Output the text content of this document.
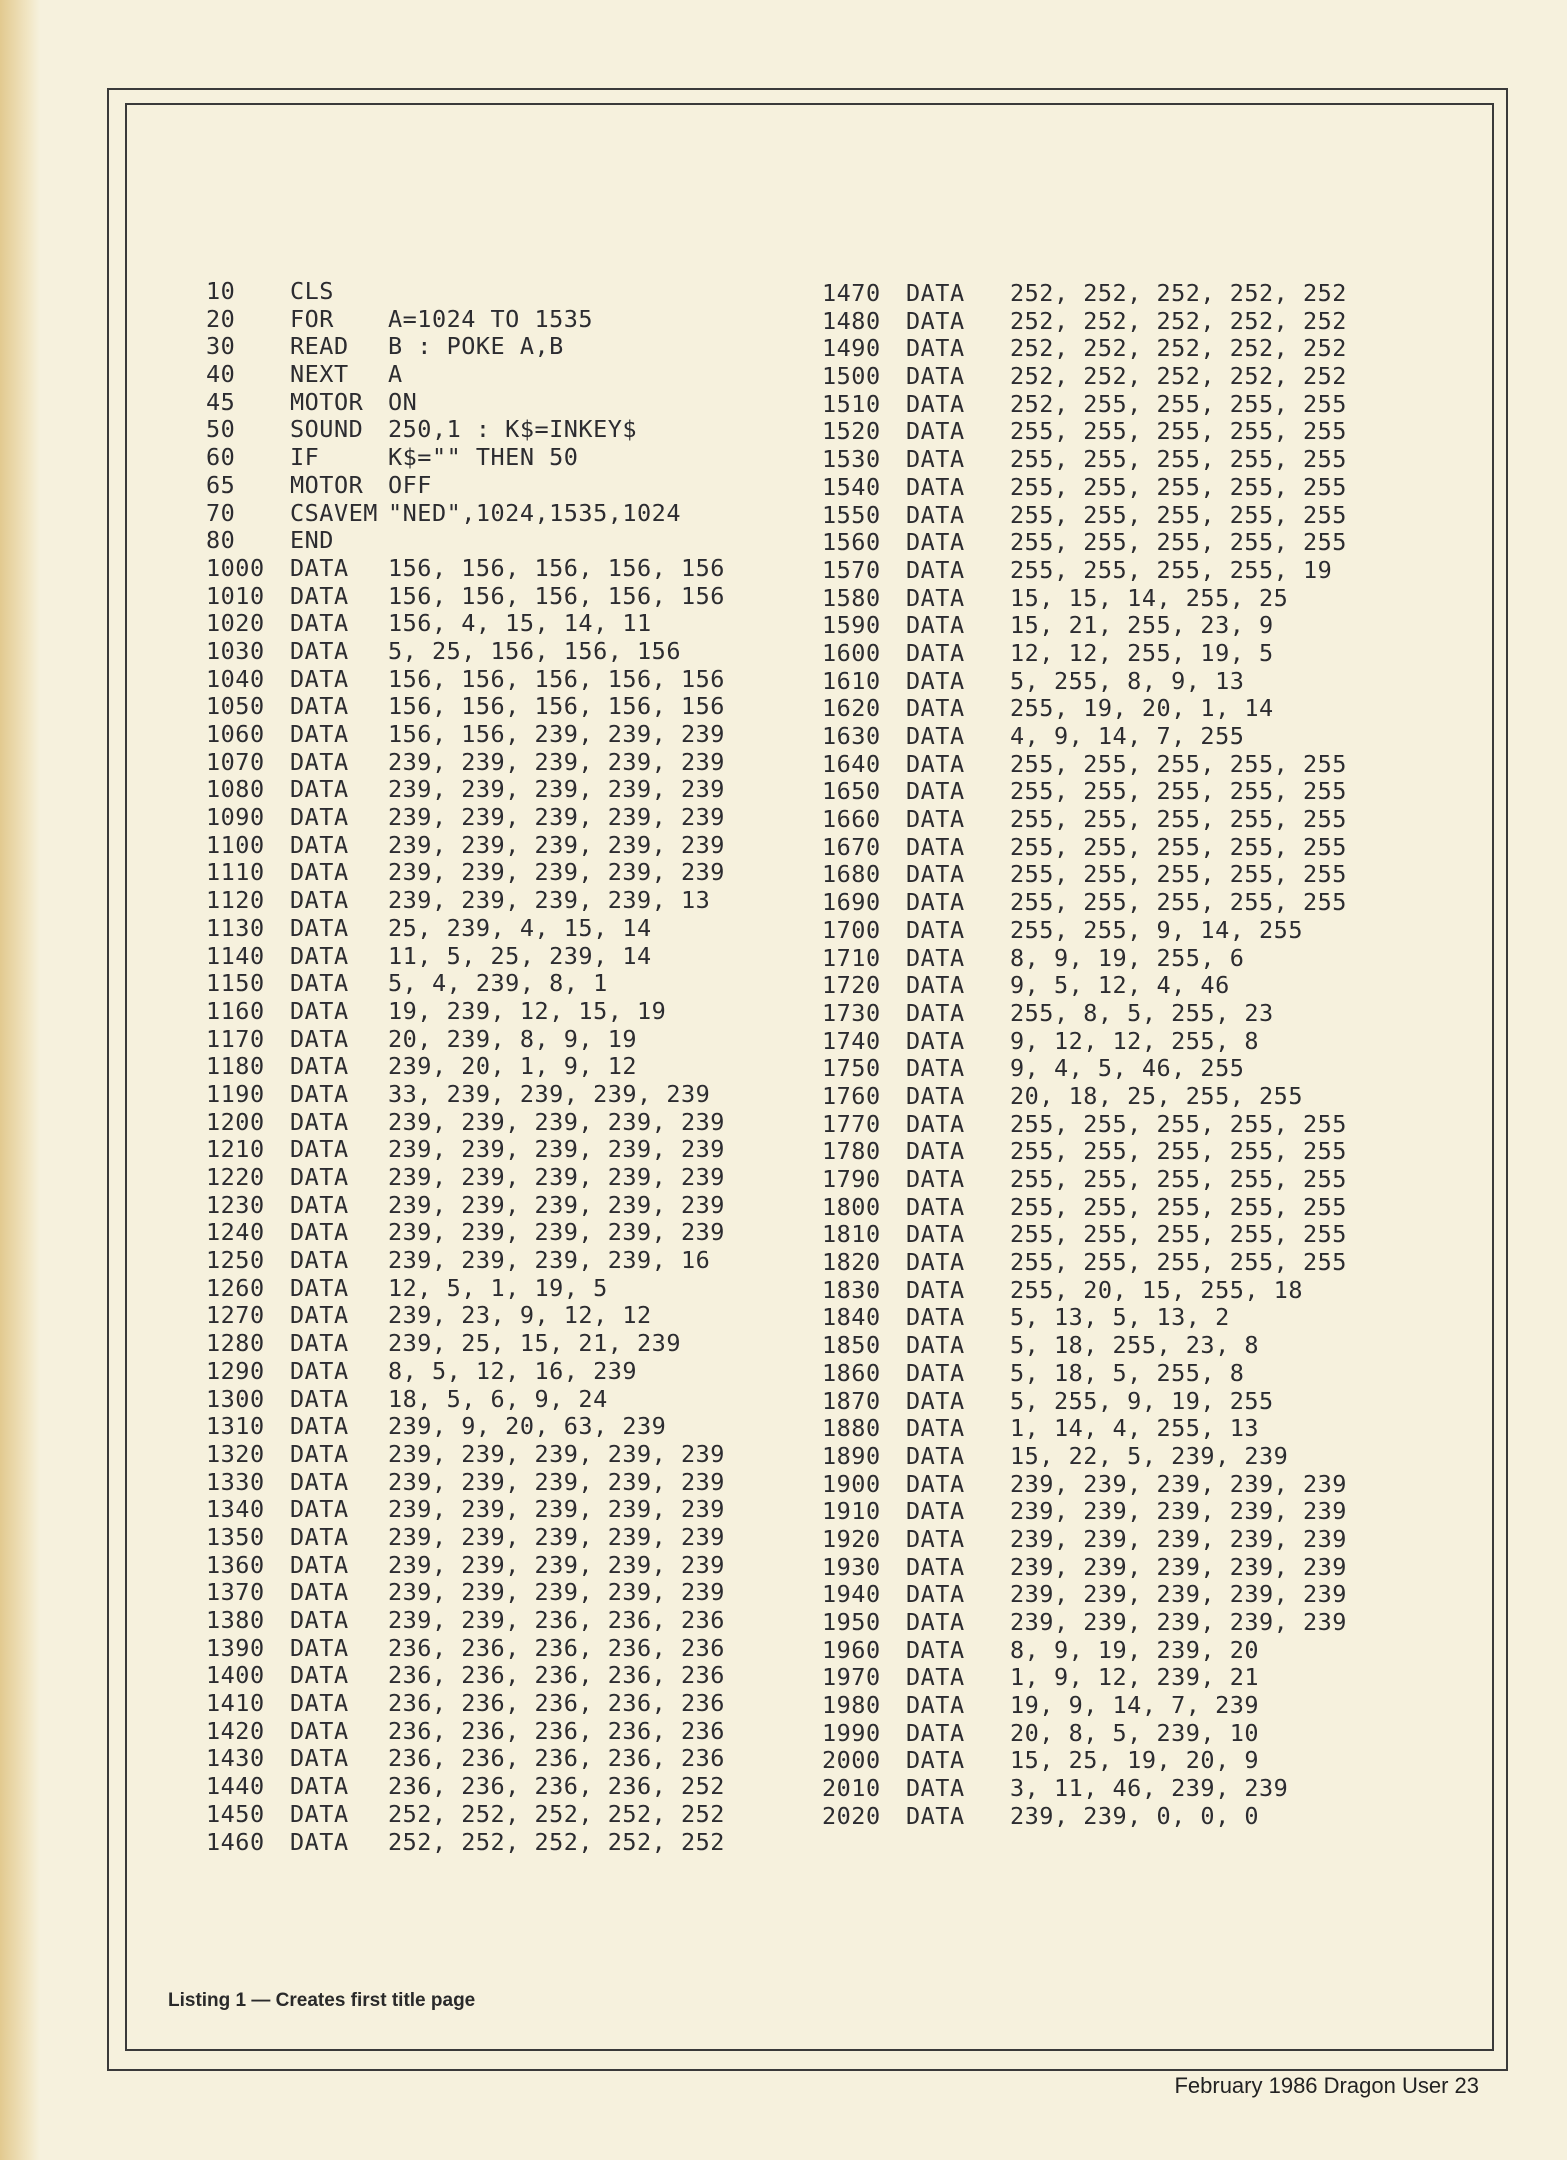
10	CLS
20	FOR	A=1024 TO 1535
30	READ	B : POKE A,B
40	NEXT	A
45	MOTOR	ON
50	SOUND	250,1 : K$=INKEY$
60	IF	K$="" THEN 50
65	MOTOR	OFF
70	CSAVEM "NED",1024,1535,1024
80	END
1000	DATA	156, 156, 156, 156, 156
1010	DATA	156, 156, 156, 156, 156
1020	DATA	156, 4, 15, 14, 11
1030	DATA	5, 25, 156, 156, 156
1040	DATA	156, 156, 156, 156, 156
1050	DATA	156, 156, 156, 156, 156
1060	DATA	156, 156, 239, 239, 239
1070	DATA	239, 239, 239, 239, 239
1080	DATA	239, 239, 239, 239, 239
1090	DATA	239, 239, 239, 239, 239
1100	DATA	239, 239, 239, 239, 239
1110	DATA	239, 239, 239, 239, 239
1120	DATA	239, 239, 239, 239, 13
1130	DATA	25, 239, 4, 15, 14
1140	DATA	11, 5, 25, 239, 14
1150	DATA	5, 4, 239, 8, 1
1160	DATA	19, 239, 12, 15, 19
1170	DATA	20, 239, 8, 9, 19
1180	DATA	239, 20, 1, 9, 12
1190	DATA	33, 239, 239, 239, 239
1200	DATA	239, 239, 239, 239, 239
1210	DATA	239, 239, 239, 239, 239
1220	DATA	239, 239, 239, 239, 239
1230	DATA	239, 239, 239, 239, 239
1240	DATA	239, 239, 239, 239, 239
1250	DATA	239, 239, 239, 239, 16
1260	DATA	12, 5, 1, 19, 5
1270	DATA	239, 23, 9, 12, 12
1280	DATA	239, 25, 15, 21, 239
1290	DATA	8, 5, 12, 16, 239
1300	DATA	18, 5, 6, 9, 24
1310	DATA	239, 9, 20, 63, 239
1320	DATA	239, 239, 239, 239, 239
1330	DATA	239, 239, 239, 239, 239
1340	DATA	239, 239, 239, 239, 239
1350	DATA	239, 239, 239, 239, 239
1360	DATA	239, 239, 239, 239, 239
1370	DATA	239, 239, 239, 239, 239
1380	DATA	239, 239, 236, 236, 236
1390	DATA	236, 236, 236, 236, 236
1400	DATA	236, 236, 236, 236, 236
1410	DATA	236, 236, 236, 236, 236
1420	DATA	236, 236, 236, 236, 236
1430	DATA	236, 236, 236, 236, 236
1440	DATA	236, 236, 236, 236, 252
1450	DATA	252, 252, 252, 252, 252
1460	DATA	252, 252, 252, 252, 252
1470	DATA	252, 252, 252, 252, 252
1480	DATA	252, 252, 252, 252, 252
1490	DATA	252, 252, 252, 252, 252
1500	DATA	252, 252, 252, 252, 252
1510	DATA	252, 255, 255, 255, 255
1520	DATA	255, 255, 255, 255, 255
1530	DATA	255, 255, 255, 255, 255
1540	DATA	255, 255, 255, 255, 255
1550	DATA	255, 255, 255, 255, 255
1560	DATA	255, 255, 255, 255, 255
1570	DATA	255, 255, 255, 255, 19
1580	DATA	15, 15, 14, 255, 25
1590	DATA	15, 21, 255, 23, 9
1600	DATA	12, 12, 255, 19, 5
1610	DATA	5, 255, 8, 9, 13
1620	DATA	255, 19, 20, 1, 14
1630	DATA	4, 9, 14, 7, 255
1640	DATA	255, 255, 255, 255, 255
1650	DATA	255, 255, 255, 255, 255
1660	DATA	255, 255, 255, 255, 255
1670	DATA	255, 255, 255, 255, 255
1680	DATA	255, 255, 255, 255, 255
1690	DATA	255, 255, 255, 255, 255
1700	DATA	255, 255, 9, 14, 255
1710	DATA	8, 9, 19, 255, 6
1720	DATA	9, 5, 12, 4, 46
1730	DATA	255, 8, 5, 255, 23
1740	DATA	9, 12, 12, 255, 8
1750	DATA	9, 4, 5, 46, 255
1760	DATA	20, 18, 25, 255, 255
1770	DATA	255, 255, 255, 255, 255
1780	DATA	255, 255, 255, 255, 255
1790	DATA	255, 255, 255, 255, 255
1800	DATA	255, 255, 255, 255, 255
1810	DATA	255, 255, 255, 255, 255
1820	DATA	255, 255, 255, 255, 255
1830	DATA	255, 20, 15, 255, 18
1840	DATA	5, 13, 5, 13, 2
1850	DATA	5, 18, 255, 23, 8
1860	DATA	5, 18, 5, 255, 8
1870	DATA	5, 255, 9, 19, 255
1880	DATA	1, 14, 4, 255, 13
1890	DATA	15, 22, 5, 239, 239
1900	DATA	239, 239, 239, 239, 239
1910	DATA	239, 239, 239, 239, 239
1920	DATA	239, 239, 239, 239, 239
1930	DATA	239, 239, 239, 239, 239
1940	DATA	239, 239, 239, 239, 239
1950	DATA	239, 239, 239, 239, 239
1960	DATA	8, 9, 19, 239, 20
1970	DATA	1, 9, 12, 239, 21
1980	DATA	19, 9, 14, 7, 239
1990	DATA	20, 8, 5, 239, 10
2000	DATA	15, 25, 19, 20, 9
2010	DATA	3, 11, 46, 239, 239
2020	DATA	239, 239, 0, 0, 0
Listing 1 — Creates first title page
February 1986 Dragon User 23
